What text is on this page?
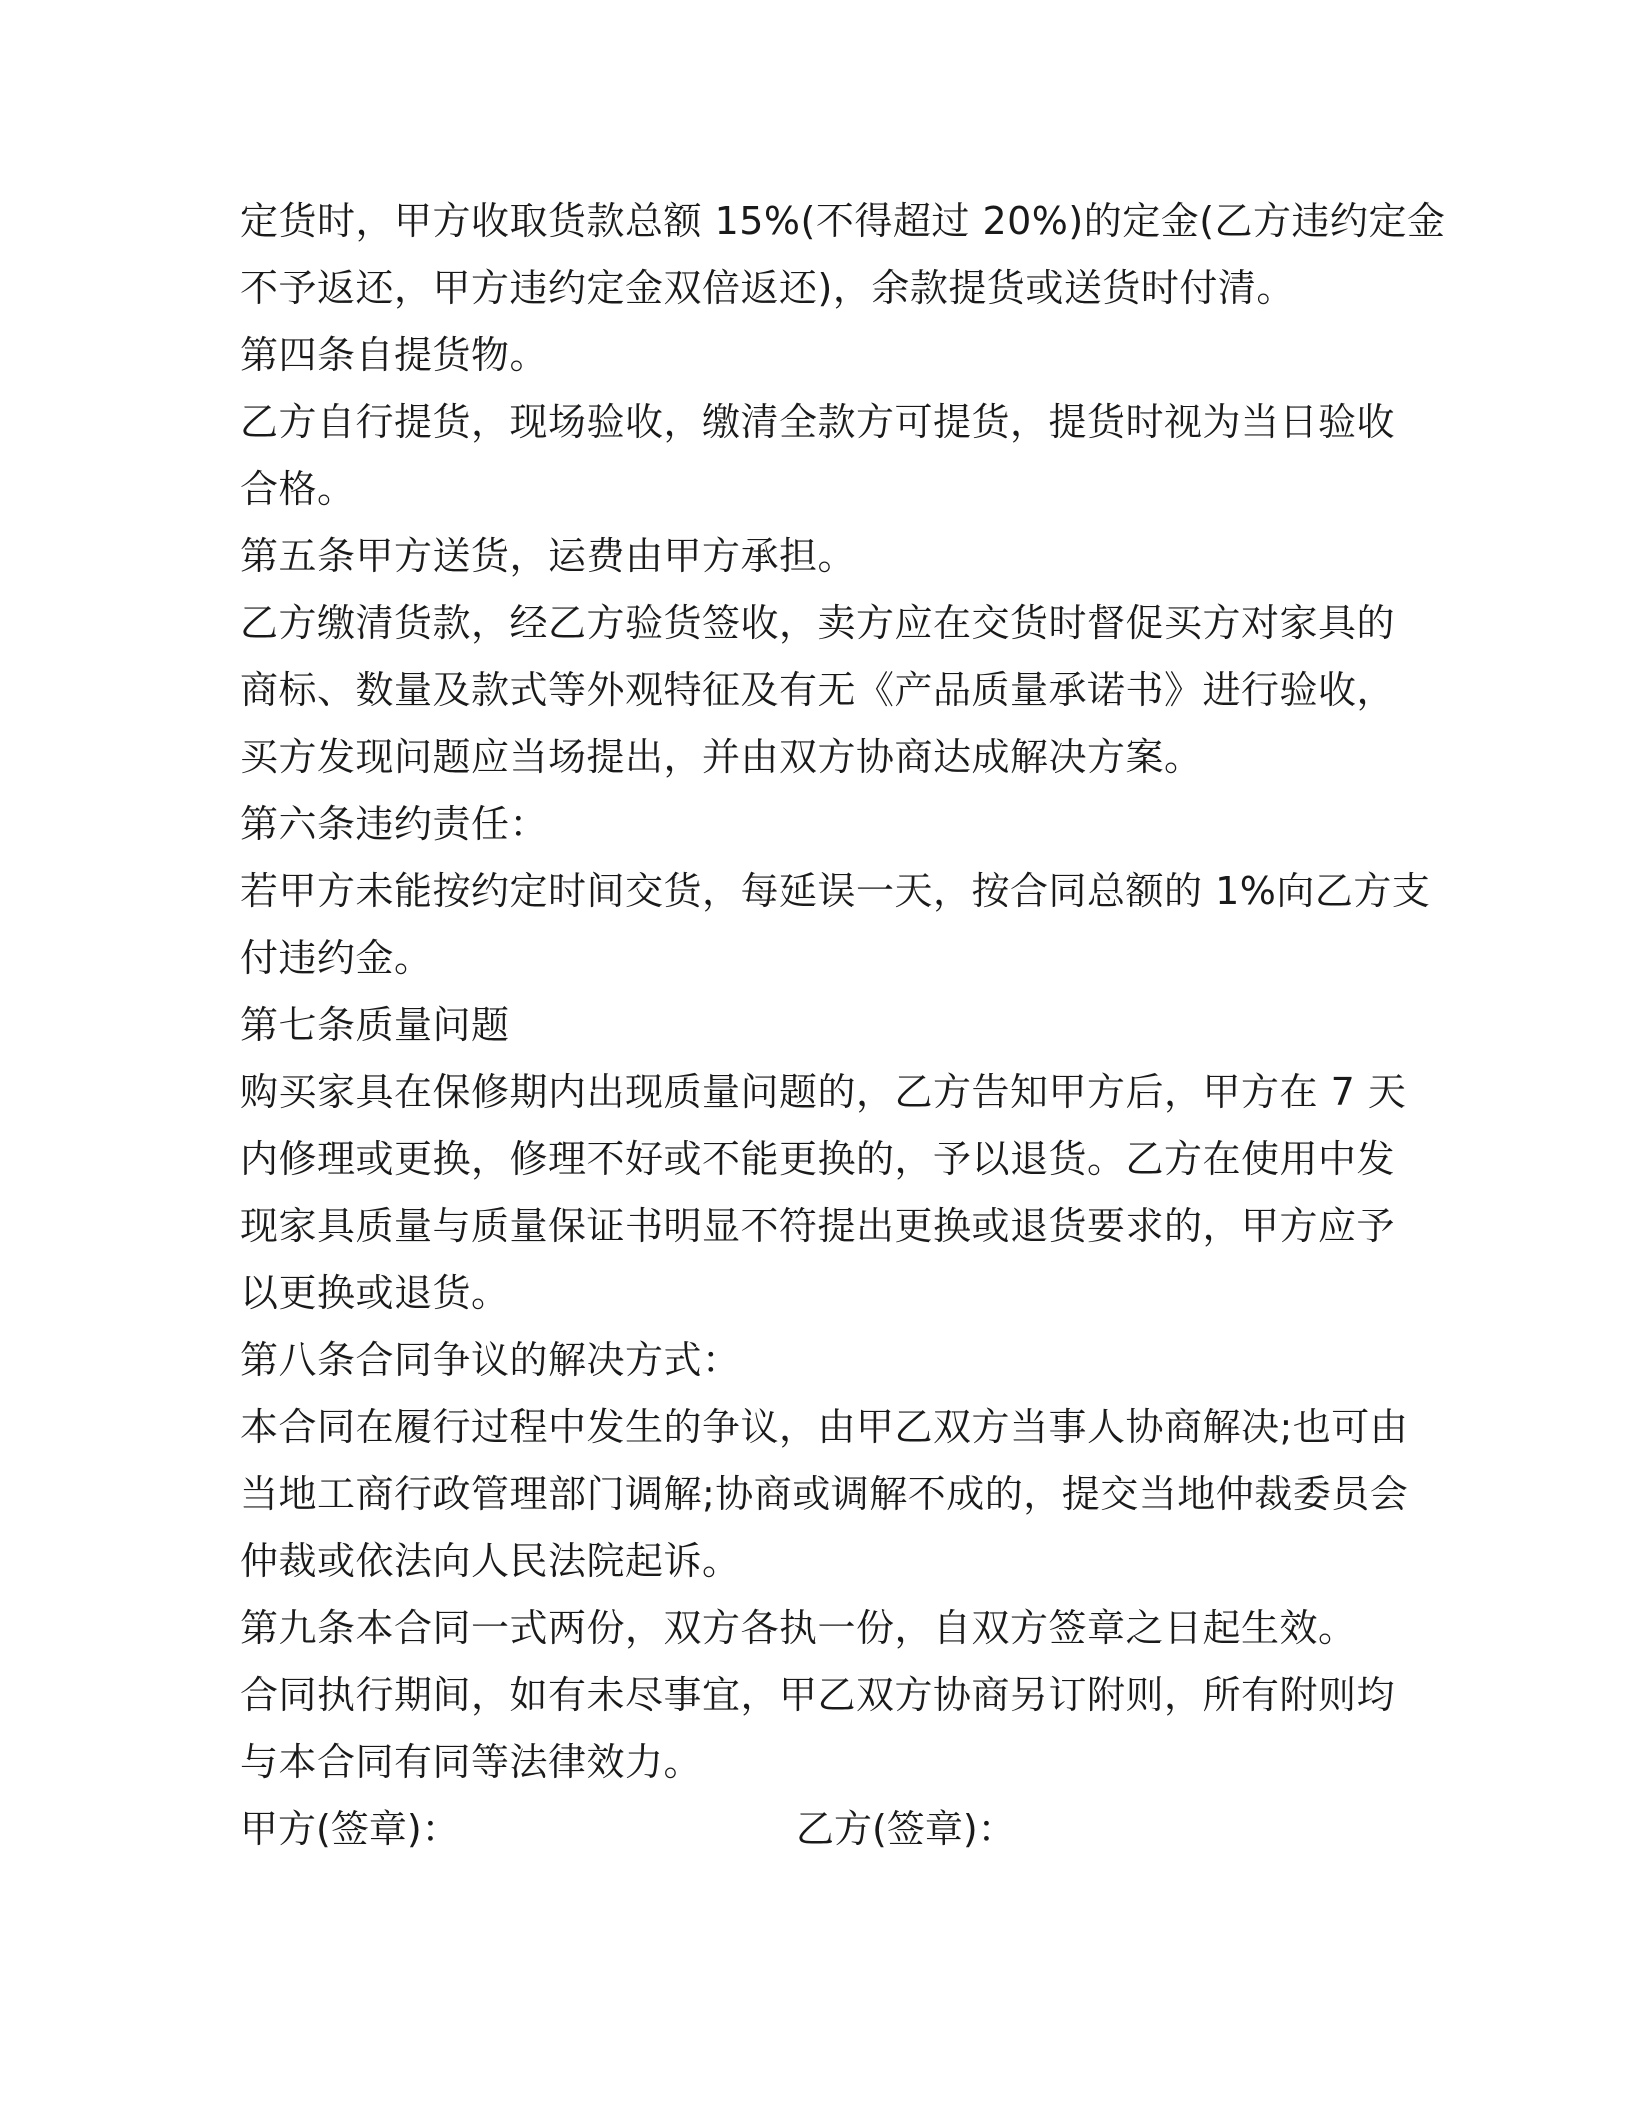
定货时，甲方收取货款总额 15%(不得超过 20%)的定金(乙方违约定金
不予返还，甲方违约定金双倍返还)，余款提货或送货时付清。
第四条自提货物。
乙方自行提货，现场验收，缴清全款方可提货，提货时视为当日验收
合格。
第五条甲方送货，运费由甲方承担。
乙方缴清货款，经乙方验货签收，卖方应在交货时督促买方对家具的
商标、数量及款式等外观特征及有无《产品质量承诺书》进行验收，
买方发现问题应当场提出，并由双方协商达成解决方案。
第六条违约责任：
若甲方未能按约定时间交货，每延误一天，按合同总额的 1%向乙方支
付违约金。
第七条质量问题
购买家具在保修期内出现质量问题的，乙方告知甲方后，甲方在 7 天
内修理或更换，修理不好或不能更换的，予以退货。乙方在使用中发
现家具质量与质量保证书明显不符提出更换或退货要求的，甲方应予
以更换或退货。
第八条合同争议的解决方式：
本合同在履行过程中发生的争议，由甲乙双方当事人协商解决;也可由
当地工商行政管理部门调解;协商或调解不成的，提交当地仲裁委员会
仲裁或依法向人民法院起诉。
第九条本合同一式两份，双方各执一份，自双方签章之日起生效。
合同执行期间，如有未尽事宜，甲乙双方协商另订附则，所有附则均
与本合同有同等法律效力。
甲方(签章)：	乙方(签章)：
